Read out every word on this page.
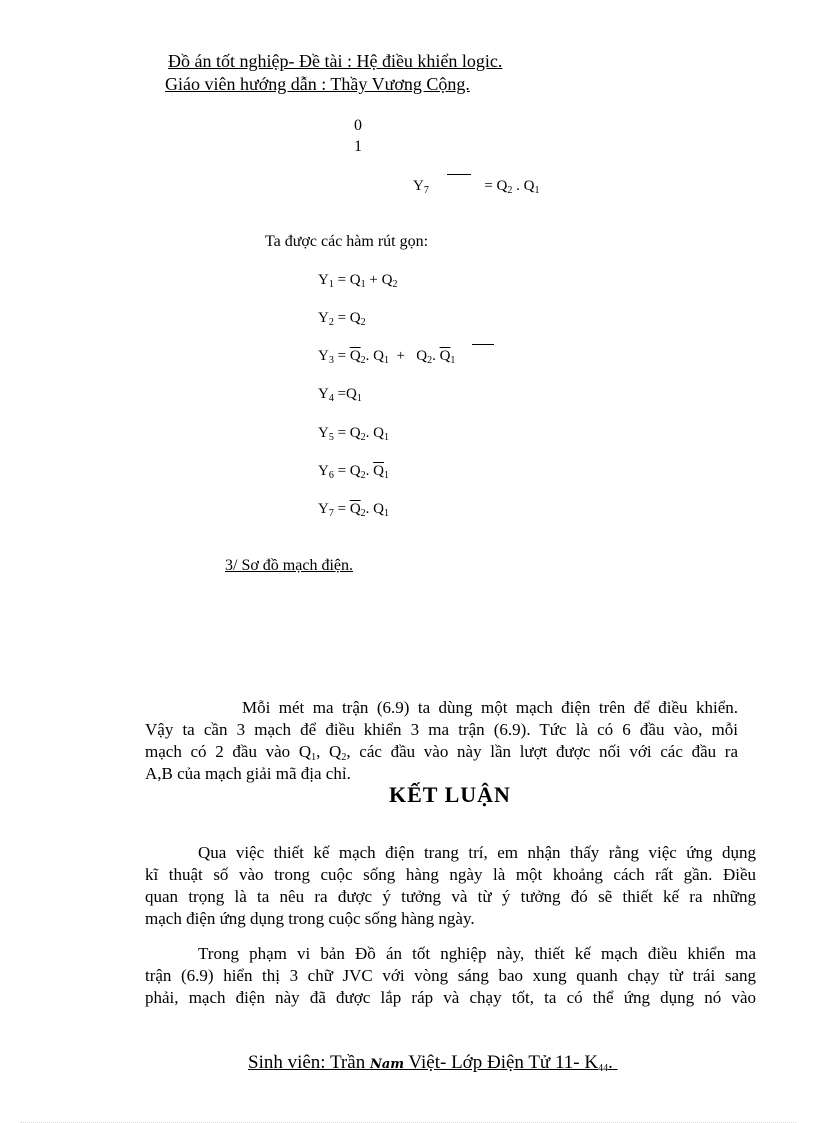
Đồ án tốt nghiệp- Đề tài : Hệ điều khiển logic.
Giáo viên hướng dẫn : Thầy Vương Cộng.
0
1
$Y_7$	= $Q_2$ . $Q_1$
Ta được các hàm rút gọn:
$Y_1 = Q_1 + Q_2$
$Y_2 = Q_2$
$Y_3 = \overline{Q}_2$. $Q_1 + Q_2$. $\overline{Q}_1$
$Y_4 =Q_1$
$Y_5 = Q_2$. $Q_1$
$Y_6 = Q_2$. $\overline{Q}_1$
$Y_7 = \overline{Q}_2$. $Q_1$
3/ Sơ đồ mạch điện.
Mỗi mét ma trận (6.9) ta dùng một mạch điện trên để điều khiển.
Vậy ta cần 3 mạch để điều khiển 3 ma trận (6.9). Tức là có 6 đầu vào, mỗi
mạch có 2 đầu vào $Q_1$, $Q_2$, các đầu vào này lần lượt được nối với các đầu ra
A,B của mạch giải mã địa chỉ.
KẾT LUẬN
Qua việc thiết kế mạch điện trang trí, em nhận thấy rằng việc ứng dụng
kĩ thuật số vào trong cuộc sống hàng ngày là một khoảng cách rất gần. Điều
quan trọng là ta nêu ra được ý tưởng và từ ý tưởng đó sẽ thiết kế ra những
mạch điện ứng dụng trong cuộc sống hàng ngày.
Trong phạm vi bản Đồ án tốt nghiệp này, thiết kế mạch điều khiển ma
trận (6.9) hiển thị 3 chữ JVC với vòng sáng bao xung quanh chạy từ trái sang
phải, mạch điện này đã được lắp ráp và chạy tốt, ta có thể ứng dụng nó vào
Sinh viên: Trần Nam Việt- Lớp Điện Tử 11- $K_{44}$.
